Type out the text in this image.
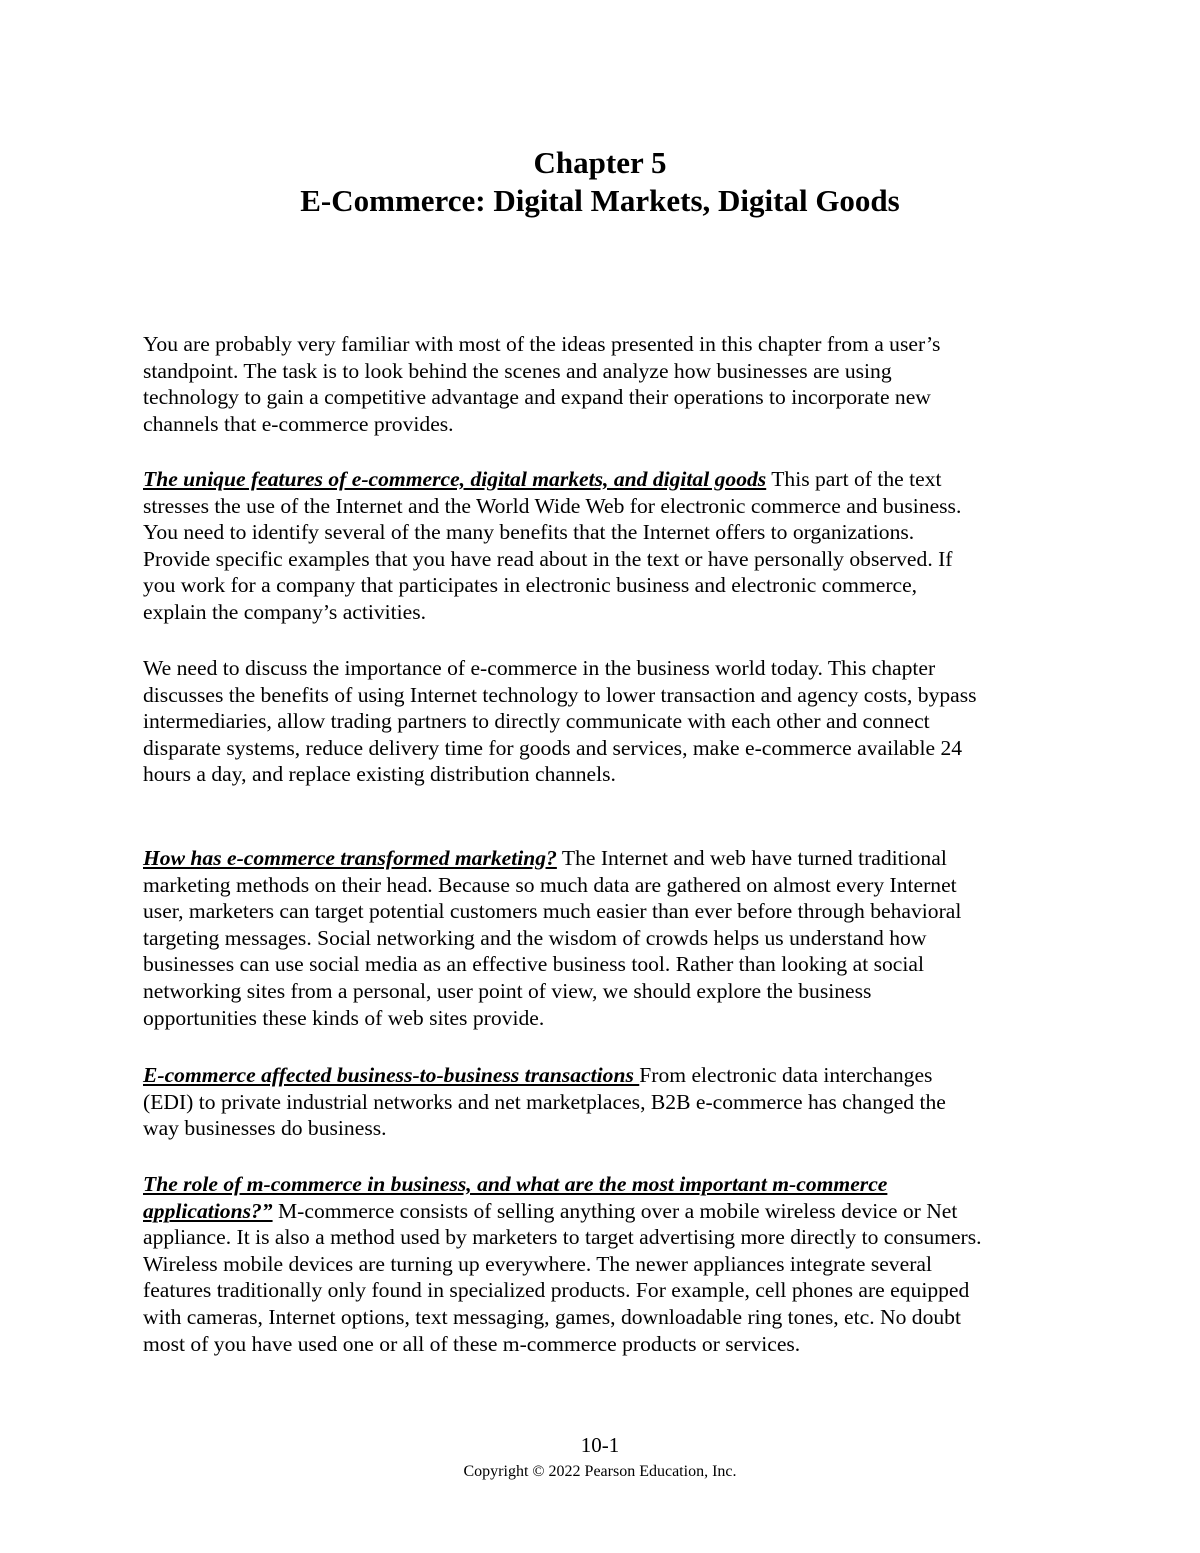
Chapter 5
E-Commerce: Digital Markets, Digital Goods
You are probably very familiar with most of the ideas presented in this chapter from a user’s
standpoint. The task is to look behind the scenes and analyze how businesses are using
technology to gain a competitive advantage and expand their operations to incorporate new
channels that e-commerce provides.
The unique features of e-commerce, digital markets, and digital goods This part of the text
stresses the use of the Internet and the World Wide Web for electronic commerce and business.
You need to identify several of the many benefits that the Internet offers to organizations.
Provide specific examples that you have read about in the text or have personally observed. If
you work for a company that participates in electronic business and electronic commerce,
explain the company’s activities.
We need to discuss the importance of e-commerce in the business world today. This chapter
discusses the benefits of using Internet technology to lower transaction and agency costs, bypass
intermediaries, allow trading partners to directly communicate with each other and connect
disparate systems, reduce delivery time for goods and services, make e-commerce available 24
hours a day, and replace existing distribution channels.
How has e-commerce transformed marketing? The Internet and web have turned traditional
marketing methods on their head. Because so much data are gathered on almost every Internet
user, marketers can target potential customers much easier than ever before through behavioral
targeting messages. Social networking and the wisdom of crowds helps us understand how
businesses can use social media as an effective business tool. Rather than looking at social
networking sites from a personal, user point of view, we should explore the business
opportunities these kinds of web sites provide.
E-commerce affected business-to-business transactions From electronic data interchanges
(EDI) to private industrial networks and net marketplaces, B2B e-commerce has changed the
way businesses do business.
The role of m-commerce in business, and what are the most important m-commerce
applications?” M-commerce consists of selling anything over a mobile wireless device or Net
appliance. It is also a method used by marketers to target advertising more directly to consumers.
Wireless mobile devices are turning up everywhere. The newer appliances integrate several
features traditionally only found in specialized products. For example, cell phones are equipped
with cameras, Internet options, text messaging, games, downloadable ring tones, etc. No doubt
most of you have used one or all of these m-commerce products or services.
10-1
Copyright © 2022 Pearson Education, Inc.
